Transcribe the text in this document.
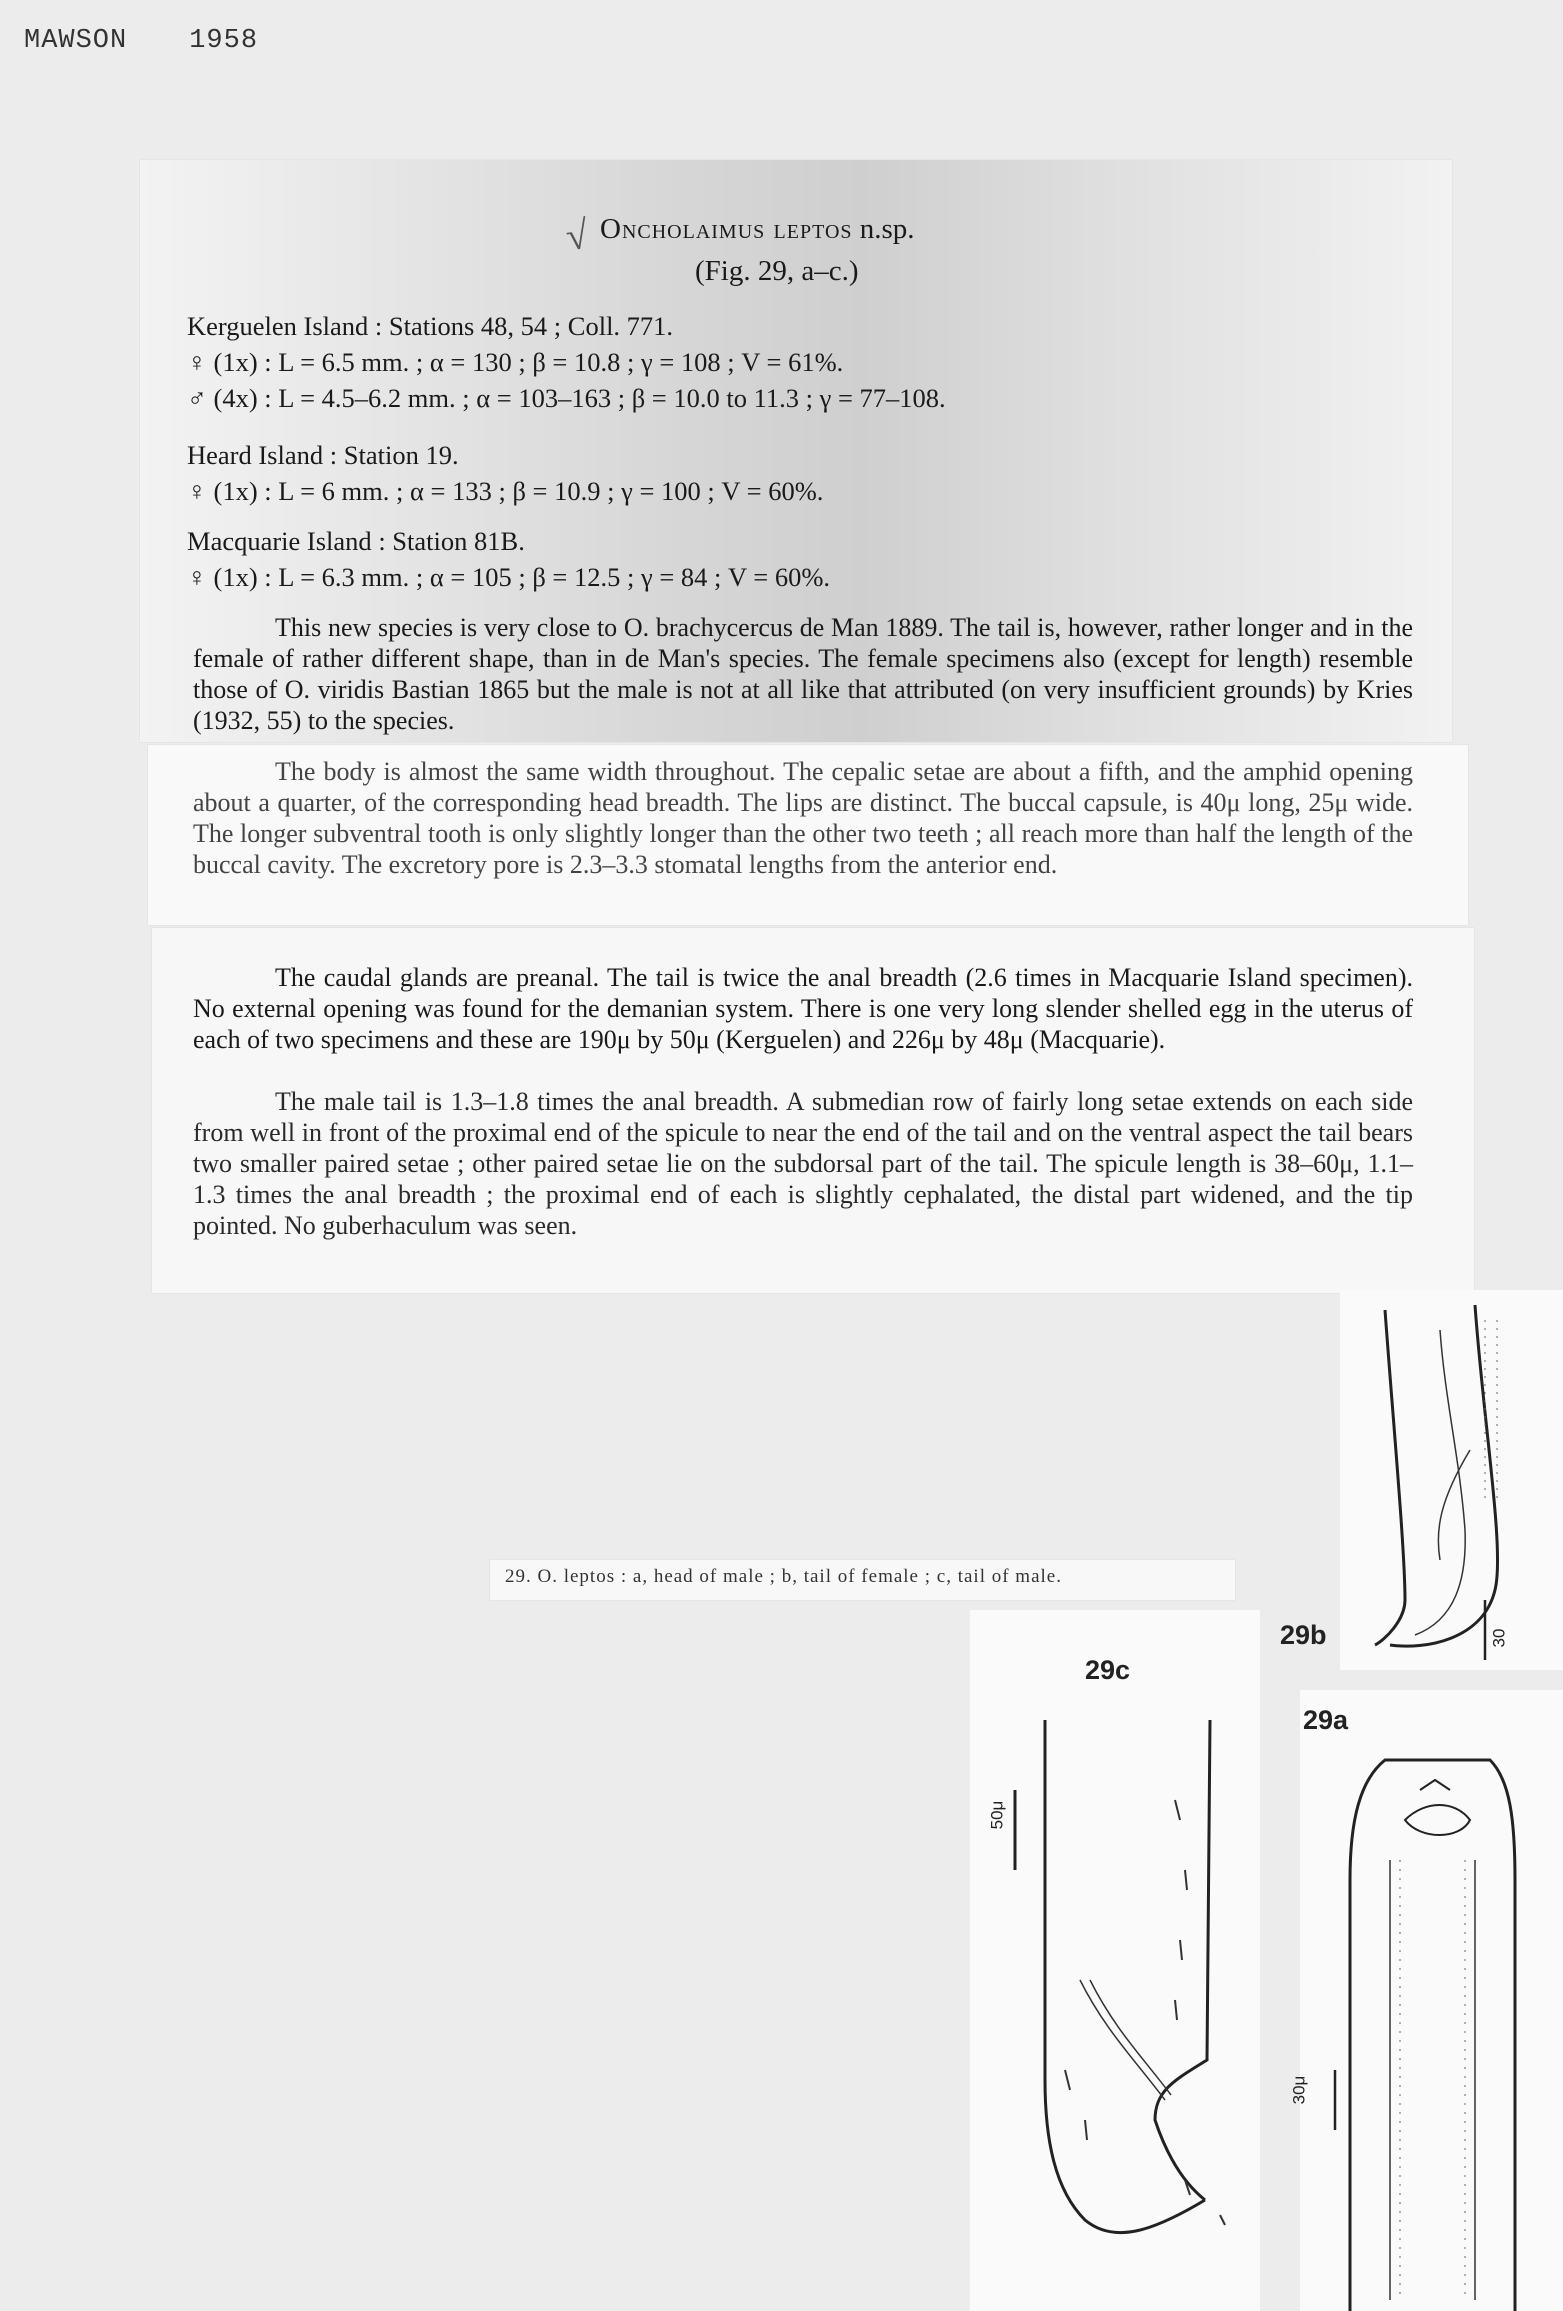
MAWSON 1958
√ Oncholaimus leptos n.sp.
(Fig. 29, a–c.)
Kerguelen Island : Stations 48, 54 ; Coll. 771.
♀ (1x) : L = 6.5 mm. ; α = 130 ; β = 10.8 ; γ = 108 ; V = 61%.
♂ (4x) : L = 4.5–6.2 mm. ; α = 103–163 ; β = 10.0 to 11.3 ; γ = 77–108.
Heard Island : Station 19.
♀ (1x) : L = 6 mm. ; α = 133 ; β = 10.9 ; γ = 100 ; V = 60%.
Macquarie Island : Station 81B.
♀ (1x) : L = 6.3 mm. ; α = 105 ; β = 12.5 ; γ = 84 ; V = 60%.
This new species is very close to O. brachycercus de Man 1889. The tail is, however, rather longer and in the female of rather different shape, than in de Man's species. The female specimens also (except for length) resemble those of O. viridis Bastian 1865 but the male is not at all like that attributed (on very insufficient grounds) by Kries (1932, 55) to the species.
The body is almost the same width throughout. The cepalic setae are about a fifth, and the amphid opening about a quarter, of the corresponding head breadth. The lips are distinct. The buccal capsule, is 40μ long, 25μ wide. The longer subventral tooth is only slightly longer than the other two teeth ; all reach more than half the length of the buccal cavity. The excretory pore is 2.3–3.3 stomatal lengths from the anterior end.
The caudal glands are preanal. The tail is twice the anal breadth (2.6 times in Macquarie Island specimen). No external opening was found for the demanian system. There is one very long slender shelled egg in the uterus of each of two specimens and these are 190μ by 50μ (Kerguelen) and 226μ by 48μ (Macquarie).
The male tail is 1.3–1.8 times the anal breadth. A submedian row of fairly long setae extends on each side from well in front of the proximal end of the spicule to near the end of the tail and on the ventral aspect the tail bears two smaller paired setae ; other paired setae lie on the subdorsal part of the tail. The spicule length is 38–60μ, 1.1–1.3 times the anal breadth ; the proximal end of each is slightly cephalated, the distal part widened, and the tip pointed. No guberhaculum was seen.
29. O. leptos : a, head of male ; b, tail of female ; c, tail of male.
29b	30
29c
50μ
29a
30μ
